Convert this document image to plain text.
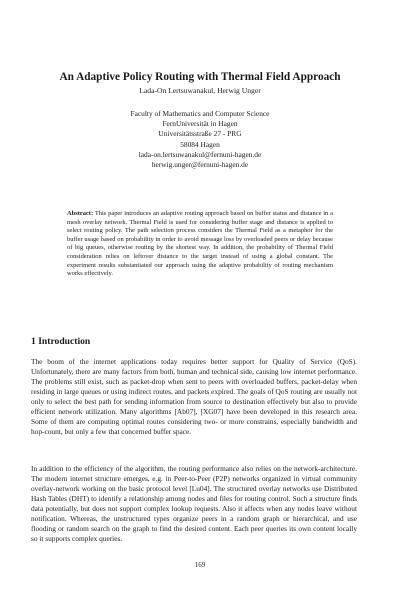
An Adaptive Policy Routing with Thermal Field Approach
Lada-On Lertsuwanakul, Herwig Unger
Faculty of Mathematics and Computer Science
FernUniversität in Hagen
Universitätsstraße 27 - PRG
58084 Hagen
lada-on.lertsuwanakul@fernuni-hagen.de
herwig.unger@fernuni-hagen.de
Abstract: This paper introduces an adaptive routing approach based on buffer status and distance in a mesh overlay network. Thermal Field is used for considering buffer stage and distance is applied to select routing policy. The path selection process considers the Thermal Field as a metaphor for the buffer usage based on probability in order to avoid message loss by overloaded peers or delay because of big queues, otherwise routing by the shortest way. In addition, the probability of Thermal Field consideration relies on leftover distance to the target instead of using a global constant. The experiment results substantiated our approach using the adaptive probability of routing mechanism works effectively.
1 Introduction
The boom of the internet applications today requires better support for Quality of Service (QoS). Unfortunately, there are many factors from both, human and technical side, causing low internet performance. The problems still exist, such as packet-drop when sent to peers with overloaded buffers, packet-delay when residing in large queues or using indirect routes, and packets expired. The goals of QoS routing are usually not only to select the best path for sending information from source to destination effectively but also to provide efficient network utilization. Many algorithms [Ab07], [XG07] have been developed in this research area. Some of them are computing optimal routes considering two- or more constrains, especially bandwidth and hop-count, but only a few that concerned buffer space.
In addition to the efficiency of the algorithm, the routing performance also relies on the network-architecture. The modern internet structure emerges, e.g. in Peer-to-Peer (P2P) networks organized in virtual community overlay-network working on the basic protocol level [Lu04]. The structured overlay networks use Distributed Hash Tables (DHT) to identify a relationship among nodes and files for routing control. Such a structure finds data potentially, but does not support complex lookup requests. Also it affects when any nodes leave without notification. Whereas, the unstructured types organize peers in a random graph or hierarchical, and use flooding or random search on the graph to find the desired content. Each peer queries its own content locally so it supports complex queries.
169
